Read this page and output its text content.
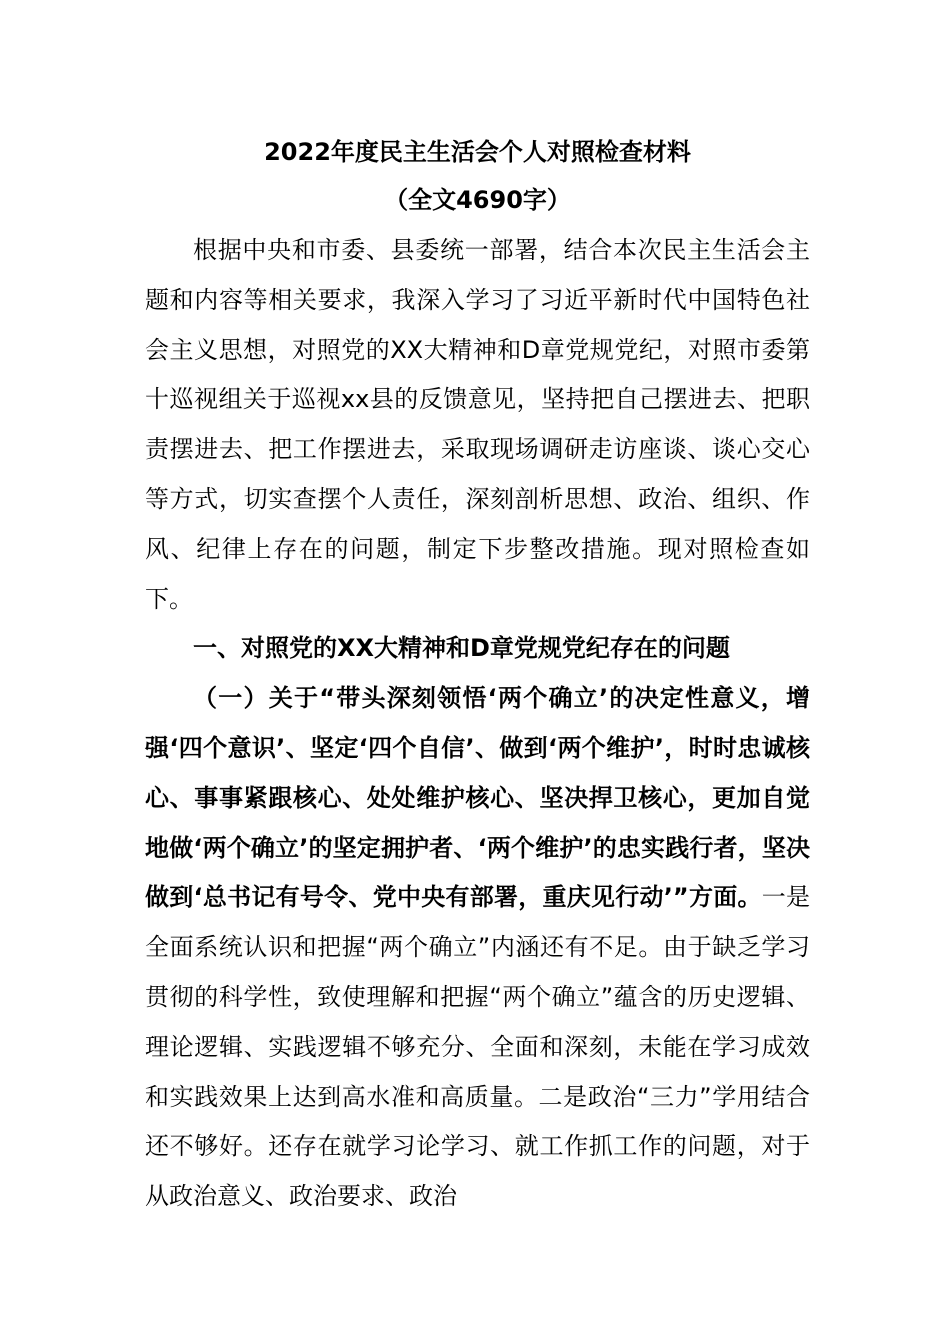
2022年度民主生活会个人对照检查材料

（全文4690字）

根据中央和市委、县委统一部署，结合本次民主生活会主题和内容等相关要求，我深入学习了习近平新时代中国特色社会主义思想，对照党的XX大精神和D章党规党纪，对照市委第十巡视组关于巡视xx县的反馈意见，坚持把自己摆进去、把职责摆进去、把工作摆进去，采取现场调研走访座谈、谈心交心等方式，切实查摆个人责任，深刻剖析思想、政治、组织、作风、纪律上存在的问题，制定下步整改措施。现对照检查如下。

一、对照党的XX大精神和D章党规党纪存在的问题

（一）关于“带头深刻领悟‘两个确立’的决定性意义，增强‘四个意识’、坚定‘四个自信’、做到‘两个维护’，时时忠诚核心、事事紧跟核心、处处维护核心、坚决捍卫核心，更加自觉地做‘两个确立’的坚定拥护者、‘两个维护’的忠实践行者，坚决做到‘总书记有号令、党中央有部署，重庆见行动’”方面。一是全面系统认识和把握“两个确立”内涵还有不足。由于缺乏学习贯彻的科学性，致使理解和把握“两个确立”蕴含的历史逻辑、理论逻辑、实践逻辑不够充分、全面和深刻，未能在学习成效和实践效果上达到高水准和高质量。二是政治“三力”学用结合还不够好。还存在就学习论学习、就工作抓工作的问题，对于从政治意义、政治要求、政治
